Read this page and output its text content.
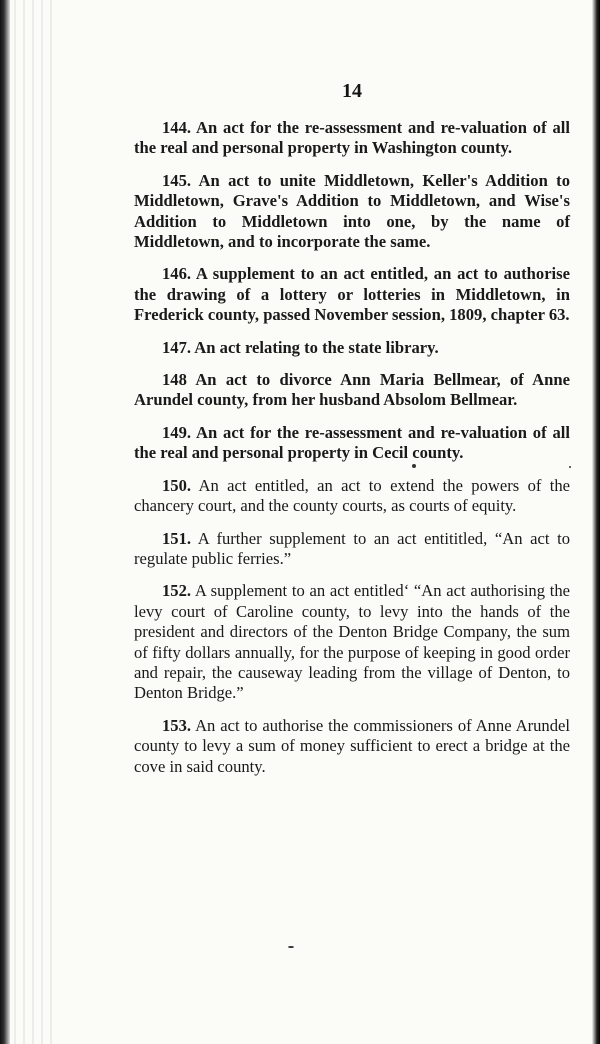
14

144. An act for the re-assessment and re-valuation of all the real and personal property in Washington county.

145. An act to unite Middletown, Keller's Addition to Middletown, Grave's Addition to Middletown, and Wise's Addition to Middletown into one, by the name of Middletown, and to incorporate the same.

146. A supplement to an act entitled, an act to authorise the drawing of a lottery or lotteries in Middletown, in Frederick county, passed November session, 1809, chapter 63.

147. An act relating to the state library.

148 An act to divorce Ann Maria Bellmear, of Anne Arundel county, from her husband Absolom Bellmear.

149. An act for the re-assessment and re-valuation of all the real and personal property in Cecil county.

150. An act entitled, an act to extend the powers of the chancery court, and the county courts, as courts of equity.

151. A further supplement to an act entititled, “An act to regulate public ferries.”

152. A supplement to an act entitled‘ “An act authorising the levy court of Caroline county, to levy into the hands of the president and directors of the Denton Bridge Company, the sum of fifty dollars annually, for the purpose of keeping in good order and repair, the causeway leading from the village of Denton, to Denton Bridge.”

153. An act to authorise the commissioners of Anne Arundel county to levy a sum of money sufficient to erect a bridge at the cove in said county.
